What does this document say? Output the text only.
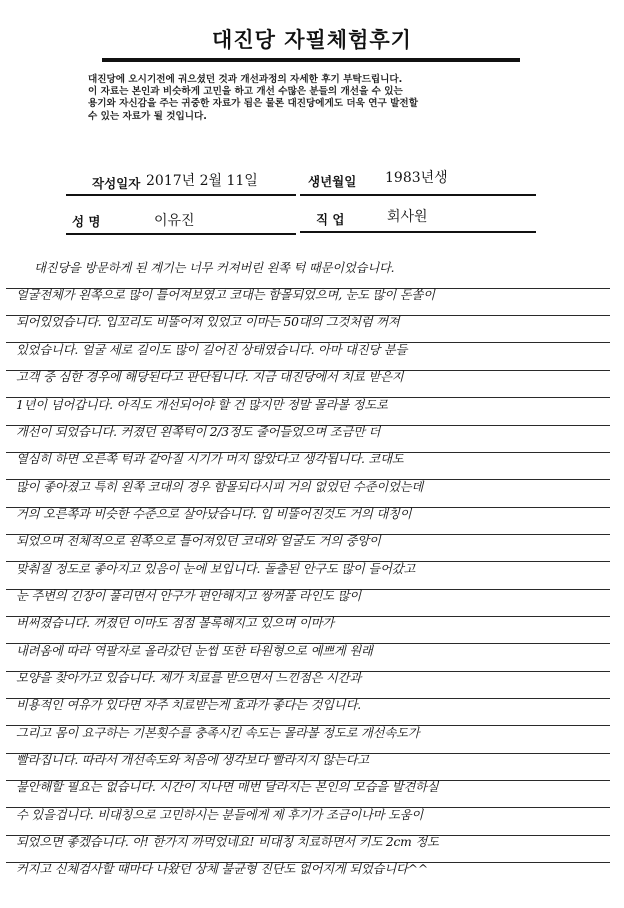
대진당 자필체험후기
대진당에 오시기전에 궈으셨던 것과 개선과정의 자세한 후기 부탁드립니다.
이 자료는 본인과 비슷하게 고민을 하고 개선 수많은 분들의 개선을 수 있는
용기와 자신감을 주는 귀중한 자료가 됨은 물론 대진당에게도 더욱 연구 발전할
수 있는 자료가 될 것입니다.
작성일자 2017년 2월 11일	생년월일 1983년생
성 명	이유진	직 업	회사원
대진당을 방문하게 된 계기는 너무 커져버린 왼쪽 턱 때문이었습니다.
얼굴전체가 왼쪽으로 많이 틀어져보였고 코대는 함몰되었으며, 눈도 많이 돈쏠이
되어있었습니다. 입꼬리도 비뚤어져 있었고 이마는 50대의 그것처럼 꺼져
있었습니다. 얼굴 세로 길이도 많이 길어진 상태였습니다. 아마 대진당 분들
고객 중 심한 경우에 해당된다고 판단됩니다. 지금 대진당에서 치료 받은지
1년이 넘어갑니다. 아직도 개선되어야 할 건 많지만 정말 몰라볼 정도로
개선이 되었습니다. 커졌던 왼쪽턱이 2/3정도 줄어들었으며 조금만 더
열심히 하면 오른쪽 턱과 같아질 시기가 머지 않았다고 생각됩니다. 코대도
많이 좋아졌고 특히 왼쪽 코대의 경우 함몰되다시피 거의 없었던 수준이었는데
거의 오른쪽과 비슷한 수준으로 살아났습니다. 입 비뚤어진것도 거의 대칭이
되었으며 전체적으로 왼쪽으로 틀어져있던 코대와 얼굴도 거의 중앙이
맞춰질 정도로 좋아지고 있음이 눈에 보입니다. 돌출된 안구도 많이 들어갔고
눈 주변의 긴장이 풀리면서 안구가 편안해지고 쌍꺼풀 라인도 많이
버써졌습니다. 꺼졌던 이마도 점점 볼록해지고 있으며 이마가
내려옴에 따라 역팔자로 올라갔던 눈썹 또한 타원형으로 예쁘게 원래
모양을 찾아가고 있습니다. 제가 치료를 받으면서 느낀점은 시간과
비용적인 여유가 있다면 자주 치료받는게 효과가 좋다는 것입니다.
그리고 몸이 요구하는 기본횟수를 충족시킨 속도는 몰라볼 정도로 개선속도가
빨라집니다. 따라서 개선속도와 처음에 생각보다 빨라지지 않는다고
불안해할 필요는 없습니다. 시간이 지나면 매번 달라지는 본인의 모습을 발견하실
수 있을겁니다. 비대칭으로 고민하시는 분들에게 제 후기가 조금이나마 도움이
되었으면 좋겠습니다. 아! 한가지 까먹었네요! 비대칭 치료하면서 키도 2cm 정도
커지고 신체검사할 때마다 나왔던 상체 불균형 진단도 없어지게 되었습니다^^
